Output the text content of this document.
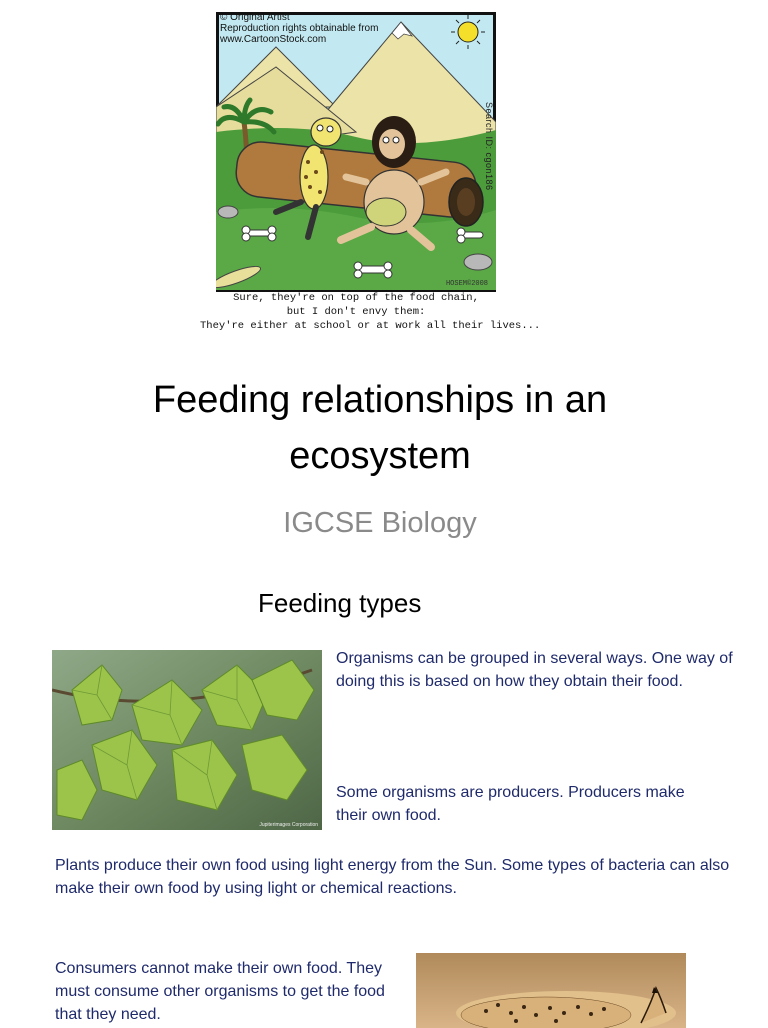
© Original Artist
Reproduction rights obtainable from
www.CartoonStock.com
Search ID: cgon186
HOSEM©2008
Sure, they're on top of the food chain,
but I don't envy them:
They're either at school or at work all their lives...
Feeding relationships in an
ecosystem
IGCSE Biology
Feeding types
Jupiterimages Corporation
Organisms can be grouped in several ways. One way of doing this is based on how they obtain their food.
Some organisms are producers. Producers make their own food.
Plants produce their own food using light energy from the Sun. Some types of bacteria can also make their own food by using light or chemical reactions.
Consumers cannot make their own food. They must consume other organisms to get the food that they need.
